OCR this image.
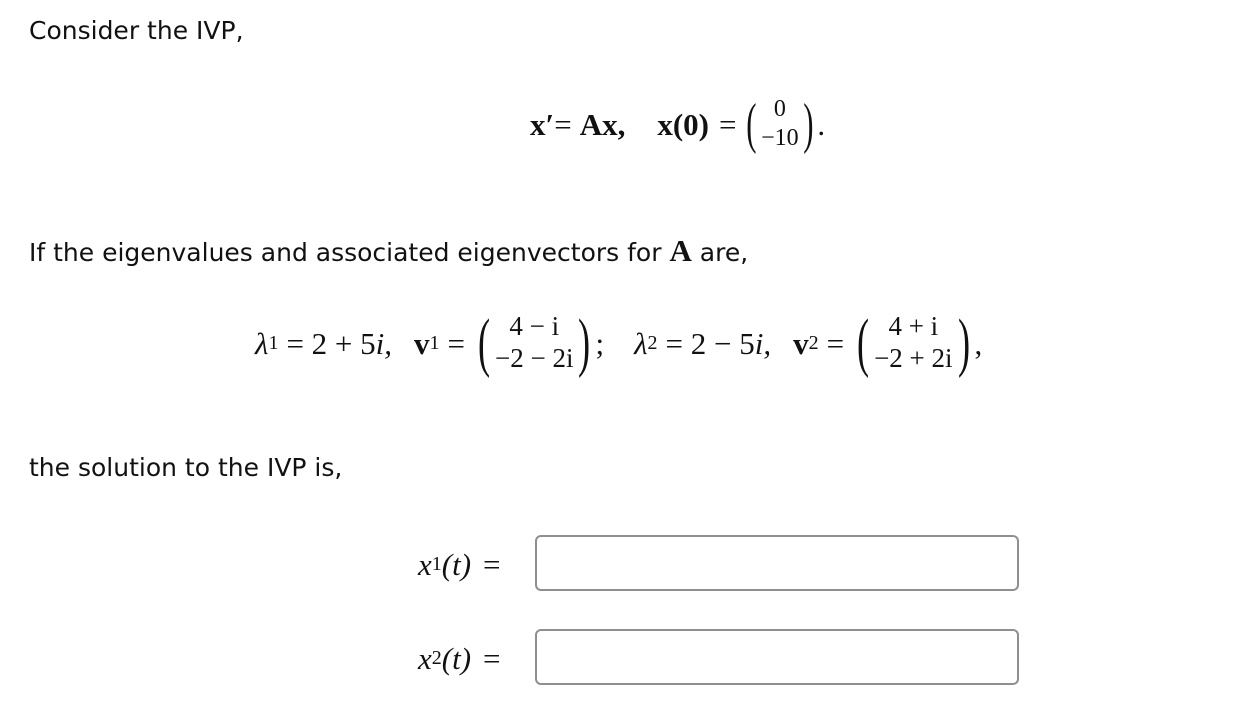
Consider the IVP,
x′ = Ax, x(0) = ( 0
−10 ) .
If the eigenvalues and associated eigenvectors for A are,
λ 1 = 2 + 5 i, v 1 = ( 4 − i
−2 − 2i ) ; λ 2 = 2 − 5 i, v 2 = ( 4 + i
−2 + 2i ) ,
the solution to the IVP is,
x 1 (t) =
x 2 (t) =
